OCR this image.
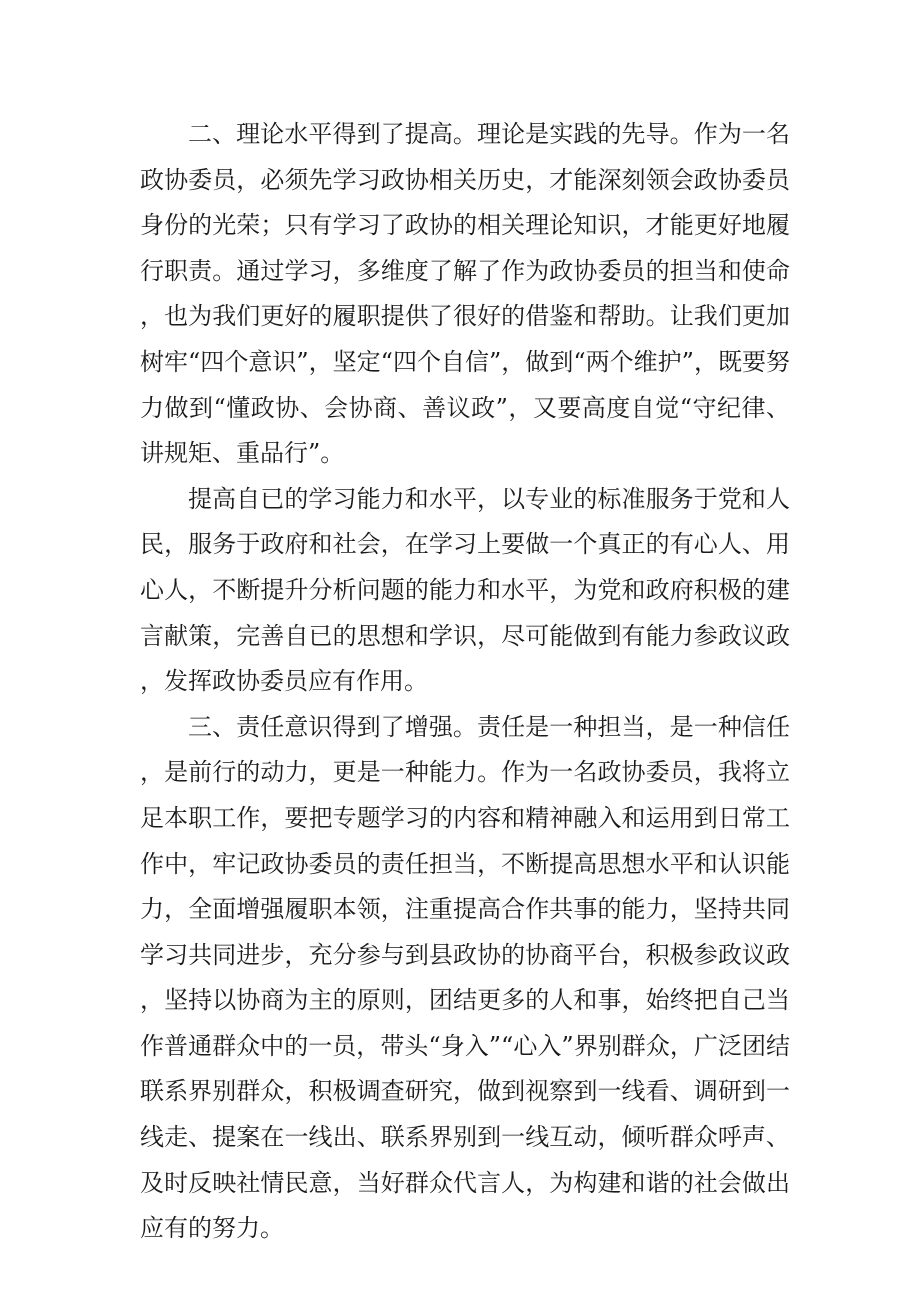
二、理论水平得到了提高。理论是实践的先导。作为一名政协委员，必须先学习政协相关历史，才能深刻领会政协委员身份的光荣；只有学习了政协的相关理论知识，才能更好地履行职责。通过学习，多维度了解了作为政协委员的担当和使命，也为我们更好的履职提供了很好的借鉴和帮助。让我们更加树牢“四个意识”，坚定“四个自信”，做到“两个维护”，既要努力做到“懂政协、会协商、善议政”，又要高度自觉“守纪律、讲规矩、重品行”。

提高自已的学习能力和水平，以专业的标准服务于党和人民，服务于政府和社会，在学习上要做一个真正的有心人、用心人，不断提升分析问题的能力和水平，为党和政府积极的建言献策，完善自已的思想和学识，尽可能做到有能力参政议政，发挥政协委员应有作用。

三、责任意识得到了增强。责任是一种担当，是一种信任，是前行的动力，更是一种能力。作为一名政协委员，我将立足本职工作，要把专题学习的内容和精神融入和运用到日常工作中，牢记政协委员的责任担当，不断提高思想水平和认识能力，全面增强履职本领，注重提高合作共事的能力，坚持共同学习共同进步，充分参与到县政协的协商平台，积极参政议政，坚持以协商为主的原则，团结更多的人和事，始终把自己当作普通群众中的一员，带头“身入”“心入”界别群众，广泛团结联系界别群众，积极调查研究，做到视察到一线看、调研到一线走、提案在一线出、联系界别到一线互动，倾听群众呼声、及时反映社情民意，当好群众代言人，为构建和谐的社会做出应有的努力。
